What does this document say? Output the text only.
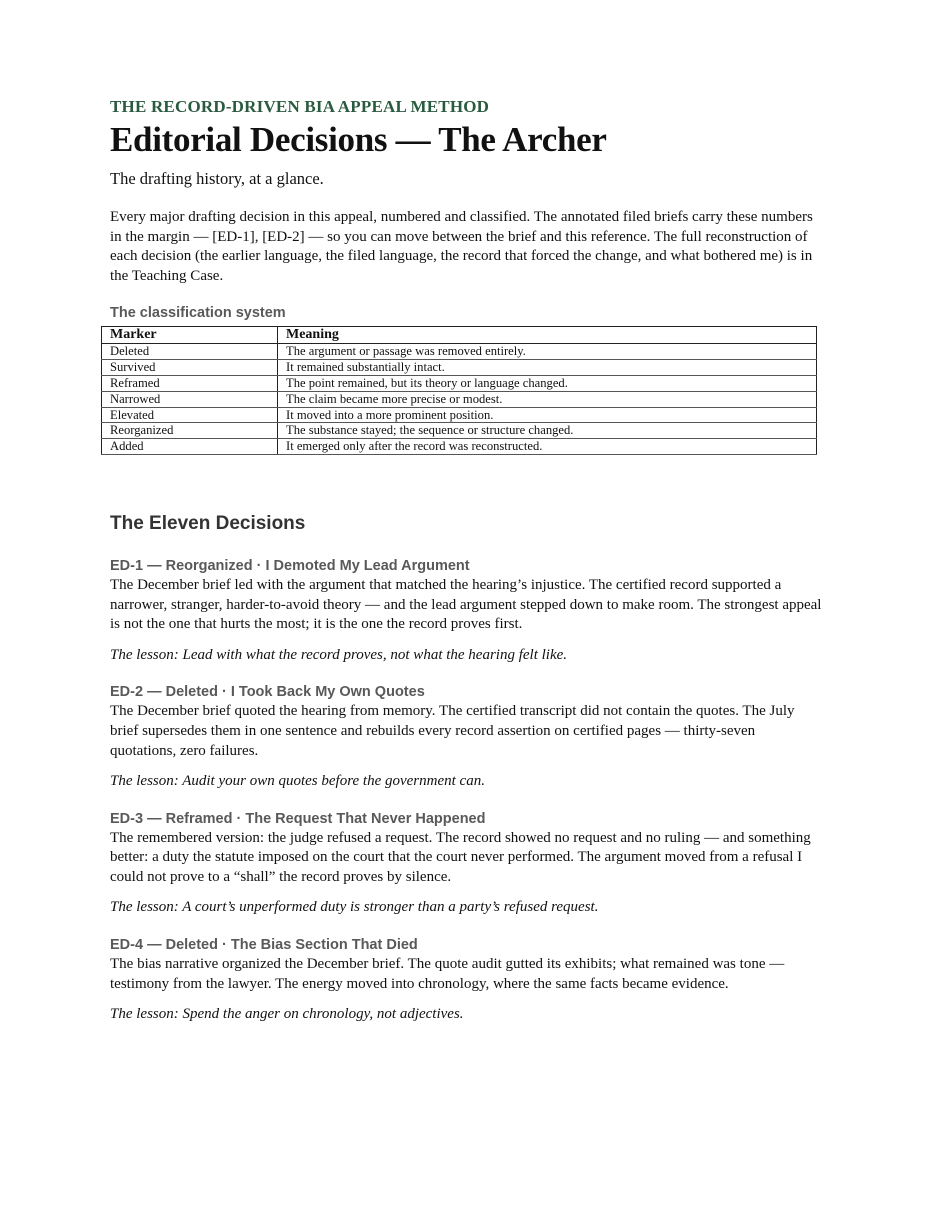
THE RECORD-DRIVEN BIA APPEAL METHOD

Editorial Decisions — The Archer

The drafting history, at a glance.

Every major drafting decision in this appeal, numbered and classified. The annotated filed briefs carry these numbers in the margin — [ED-1], [ED-2] — so you can move between the brief and this reference. The full reconstruction of each decision (the earlier language, the filed language, the record that forced the change, and what bothered me) is in the Teaching Case.

The classification system
Marker	Meaning
Deleted	The argument or passage was removed entirely.
Survived	It remained substantially intact.
Reframed	The point remained, but its theory or language changed.
Narrowed	The claim became more precise or modest.
Elevated	It moved into a more prominent position.
Reorganized	The substance stayed; the sequence or structure changed.
Added	It emerged only after the record was reconstructed.
The Eleven Decisions
ED-1 — Reorganized · I Demoted My Lead Argument

The December brief led with the argument that matched the hearing’s injustice. The certified record supported a narrower, stranger, harder-to-avoid theory — and the lead argument stepped down to make room. The strongest appeal is not the one that hurts the most; it is the one the record proves first.

The lesson: Lead with what the record proves, not what the hearing felt like.

ED-2 — Deleted · I Took Back My Own Quotes

The December brief quoted the hearing from memory. The certified transcript did not contain the quotes. The July brief supersedes them in one sentence and rebuilds every record assertion on certified pages — thirty-seven quotations, zero failures.

The lesson: Audit your own quotes before the government can.

ED-3 — Reframed · The Request That Never Happened

The remembered version: the judge refused a request. The record showed no request and no ruling — and something better: a duty the statute imposed on the court that the court never performed. The argument moved from a refusal I could not prove to a “shall” the record proves by silence.

The lesson: A court’s unperformed duty is stronger than a party’s refused request.

ED-4 — Deleted · The Bias Section That Died

The bias narrative organized the December brief. The quote audit gutted its exhibits; what remained was tone — testimony from the lawyer. The energy moved into chronology, where the same facts became evidence.

The lesson: Spend the anger on chronology, not adjectives.
